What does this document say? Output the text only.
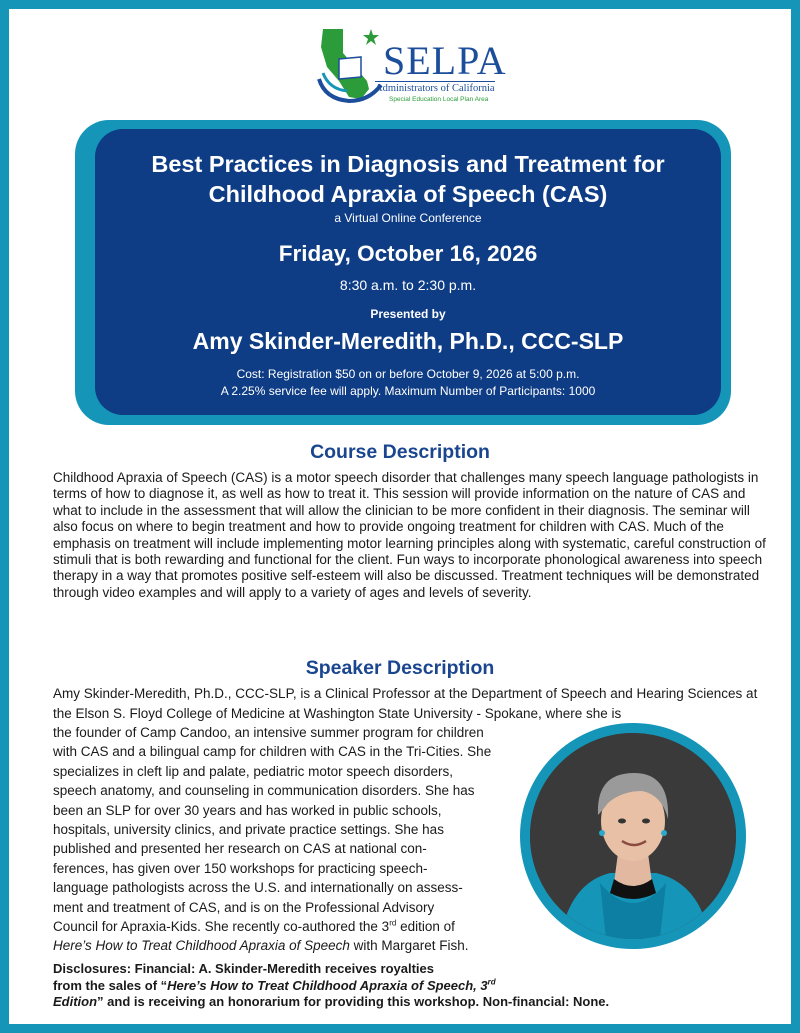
SELPA
Administrators of California
Special Education Local Plan Area
Best Practices in Diagnosis and Treatment for
Childhood Apraxia of Speech (CAS)
a Virtual Online Conference
Friday, October 16, 2026
8:30 a.m. to 2:30 p.m.
Presented by
Amy Skinder-Meredith, Ph.D., CCC-SLP
Cost: Registration $50 on or before October 9, 2026 at 5:00 p.m.
A 2.25% service fee will apply. Maximum Number of Participants: 1000
Course Description
Childhood Apraxia of Speech (CAS) is a motor speech disorder that challenges many speech language pathologists in terms of how to diagnose it, as well as how to treat it. This session will provide information on the nature of CAS and what to include in the assessment that will allow the clinician to be more confident in their diagnosis. The seminar will also focus on where to begin treatment and how to provide ongoing treatment for children with CAS. Much of the emphasis on treatment will include implementing motor learning principles along with systematic, careful construction of stimuli that is both rewarding and functional for the client. Fun ways to incorporate phonological awareness into speech therapy in a way that promotes positive self-esteem will also be discussed. Treatment techniques will be demonstrated through video examples and will apply to a variety of ages and levels of severity.
Speaker Description
Amy Skinder-Meredith, Ph.D., CCC-SLP, is a Clinical Professor at the Department of Speech and Hearing Sciences at the Elson S. Floyd College of Medicine at Washington State University - Spokane, where she is
the founder of Camp Candoo, an intensive summer program for children
with CAS and a bilingual camp for children with CAS in the Tri-Cities. She
specializes in cleft lip and palate, pediatric motor speech disorders,
speech anatomy, and counseling in communication disorders. She has
been an SLP for over 30 years and has worked in public schools,
hospitals, university clinics, and private practice settings. She has
published and presented her research on CAS at national con-
ferences, has given over 150 workshops for practicing speech-
language pathologists across the U.S. and internationally on assess-
ment and treatment of CAS, and is on the Professional Advisory
Council for Apraxia-Kids. She recently co-authored the 3rd edition of
Here’s How to Treat Childhood Apraxia of Speech with Margaret Fish.
Disclosures: Financial: A. Skinder-Meredith receives royalties
from the sales of “Here’s How to Treat Childhood Apraxia of Speech, 3rd
Edition” and is receiving an honorarium for providing this workshop. Non-financial: None.
